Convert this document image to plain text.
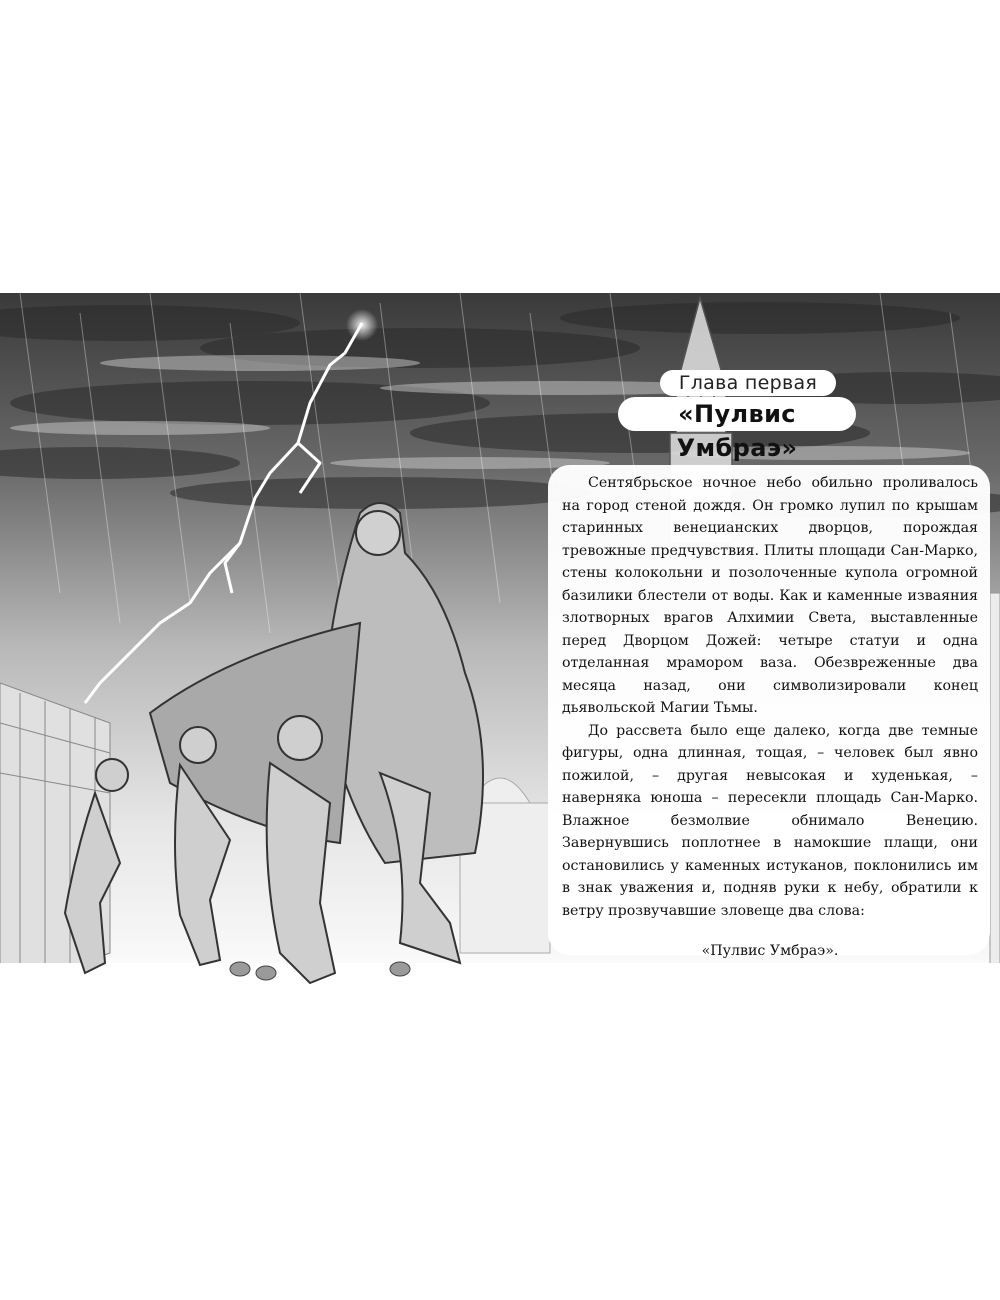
Глава первая
«Пулвис Умбраэ»

Сентябрьское ночное небо обильно проливалось на город стеной дождя. Он громко лупил по крышам старинных венецианских дворцов, порождая тревожные предчувствия. Плиты площади Сан-Марко, стены колокольни и позолоченные купола огромной базилики блестели от воды. Как и каменные изваяния злотворных врагов Алхимии Света, выставленные перед Дворцом Дожей: четыре статуи и одна отделанная мрамором ваза. Обезвреженные два месяца назад, они символизировали конец дьявольской Магии Тьмы.

До рассвета было еще далеко, когда две темные фигуры, одна длинная, тощая, – человек был явно пожилой, – другая невысокая и худенькая, – наверняка юноша – пересекли площадь Сан-Марко. Влажное безмолвие обнимало Венецию. Завернувшись поплотнее в намокшие плащи, они остановились у каменных истуканов, поклонились им в знак уважения и, подняв руки к небу, обратили к ветру прозвучавшие зловеще два слова:

«Пулвис Умбраэ».
